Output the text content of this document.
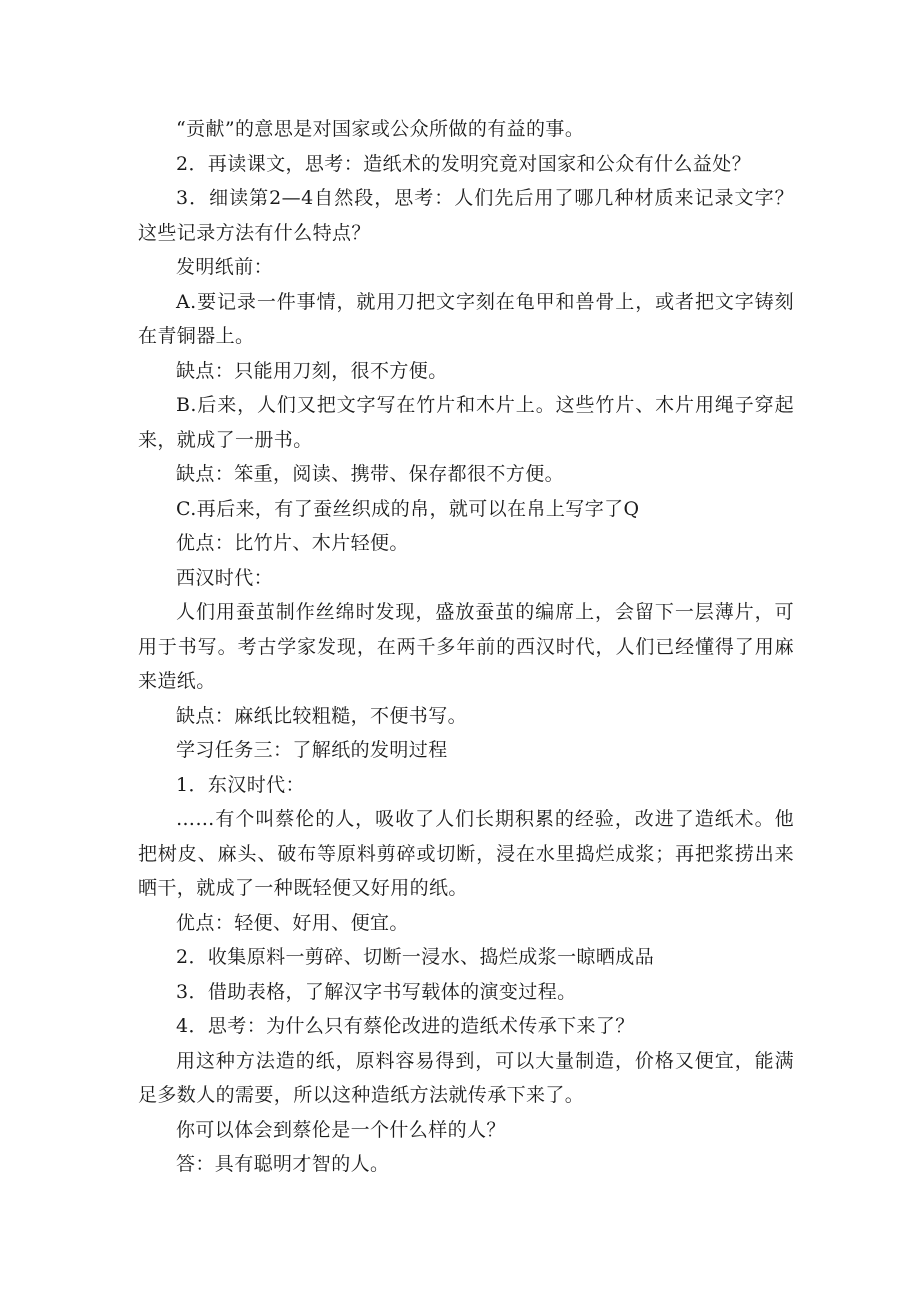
“贡献”的意思是对国家或公众所做的有益的事。

2．再读课文，思考：造纸术的发明究竟对国家和公众有什么益处？

3．细读第2—4自然段，思考：人们先后用了哪几种材质来记录文字？这些记录方法有什么特点？

发明纸前：

A.要记录一件事情，就用刀把文字刻在龟甲和兽骨上，或者把文字铸刻在青铜器上。

缺点：只能用刀刻，很不方便。

B.后来，人们又把文字写在竹片和木片上。这些竹片、木片用绳子穿起来，就成了一册书。

缺点：笨重，阅读、携带、保存都很不方便。

C.再后来，有了蚕丝织成的帛，就可以在帛上写字了Q

优点：比竹片、木片轻便。

西汉时代：

人们用蚕茧制作丝绵时发现，盛放蚕茧的编席上，会留下一层薄片，可用于书写。考古学家发现，在两千多年前的西汉时代，人们已经懂得了用麻来造纸。

缺点：麻纸比较粗糙，不便书写。

学习任务三：了解纸的发明过程

1．东汉时代：

……有个叫蔡伦的人，吸收了人们长期积累的经验，改进了造纸术。他把树皮、麻头、破布等原料剪碎或切断，浸在水里捣烂成浆；再把浆捞出来晒干，就成了一种既轻便又好用的纸。

优点：轻便、好用、便宜。

2．收集原料一剪碎、切断一浸水、捣烂成浆一晾晒成品

3．借助表格，了解汉字书写载体的演变过程。

4．思考：为什么只有蔡伦改进的造纸术传承下来了？

用这种方法造的纸，原料容易得到，可以大量制造，价格又便宜，能满足多数人的需要，所以这种造纸方法就传承下来了。

你可以体会到蔡伦是一个什么样的人？

答：具有聪明才智的人。
